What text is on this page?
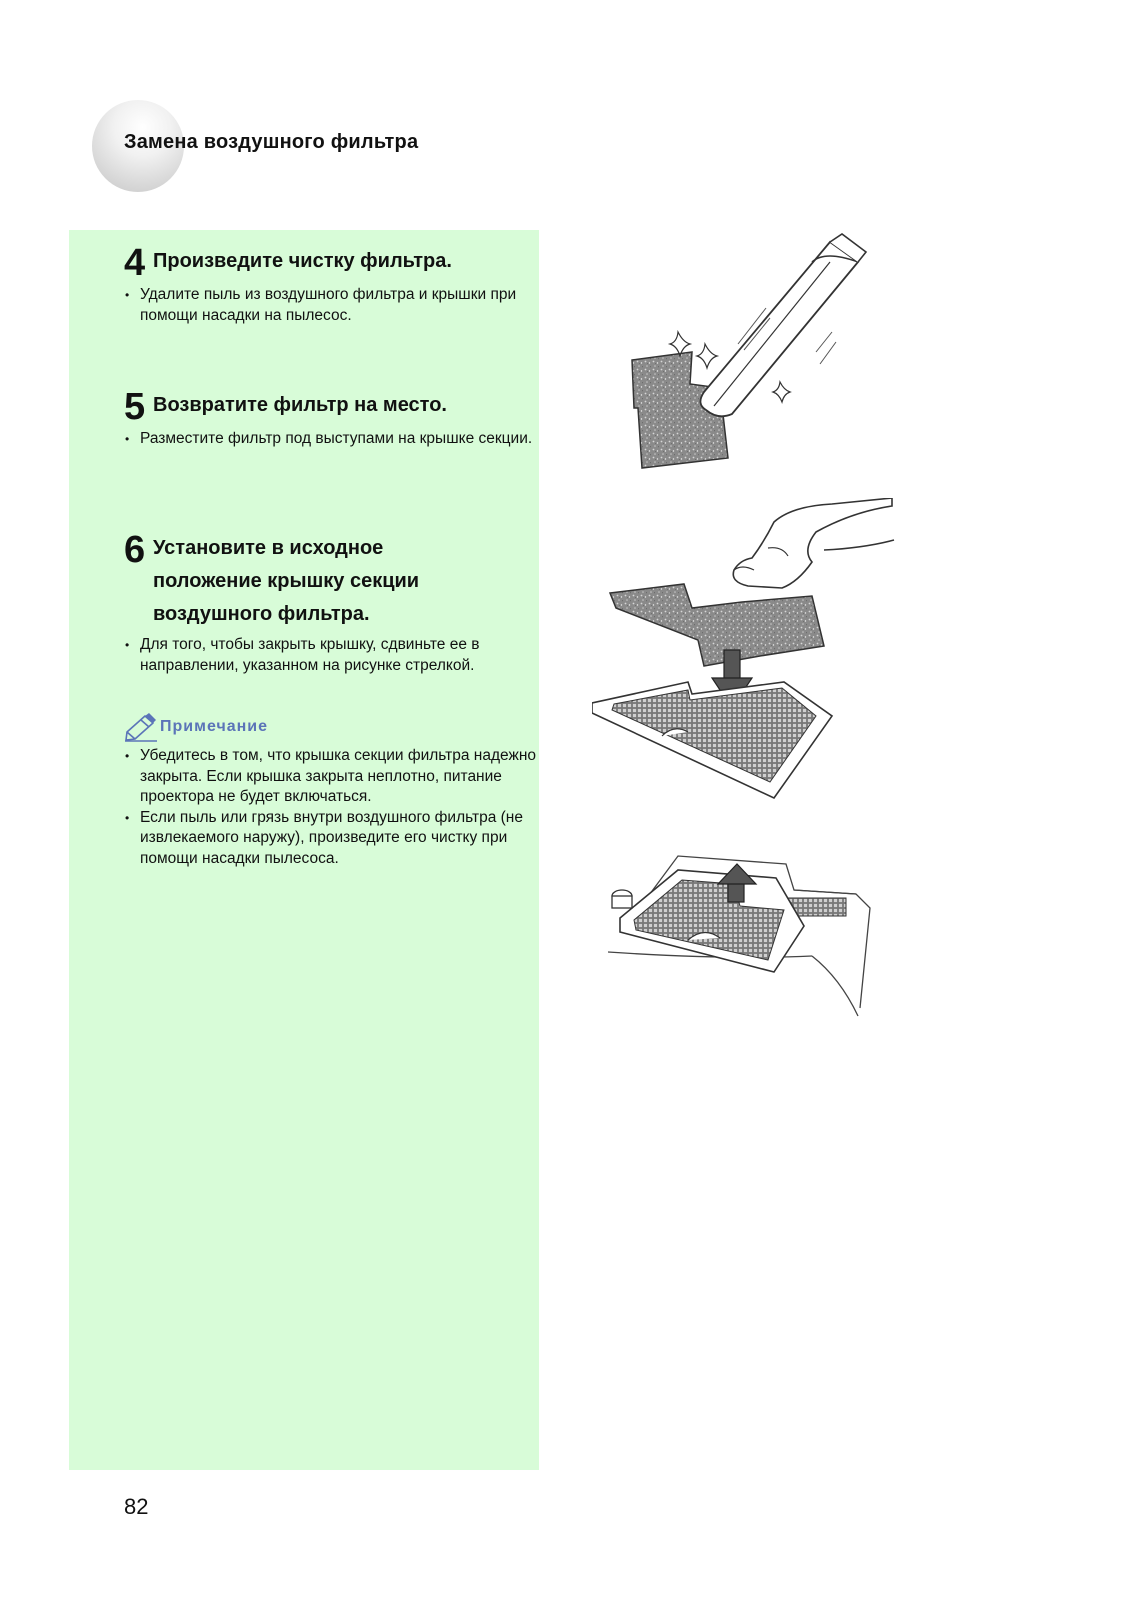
Замена воздушного фильтра
4 Произведите чистку фильтра.
• Удалите пыль из воздушного фильтра и крышки при помощи насадки на пылесос.
5 Возвратите фильтр на место.
• Разместите фильтр под выступами на крышке секции.
6 Установите в исходное положение крышку секции воздушного фильтра.
• Для того, чтобы закрыть крышку, сдвиньте ее в направлении, указанном на рисунке стрелкой.
Примечание
• Убедитесь в том, что крышка секции фильтра надежно закрыта. Если крышка закрыта неплотно, питание проектора не будет включаться.
• Если пыль или грязь внутри воздушного фильтра (не извлекаемого наружу), произведите его чистку при помощи насадки пылесоса.
82
